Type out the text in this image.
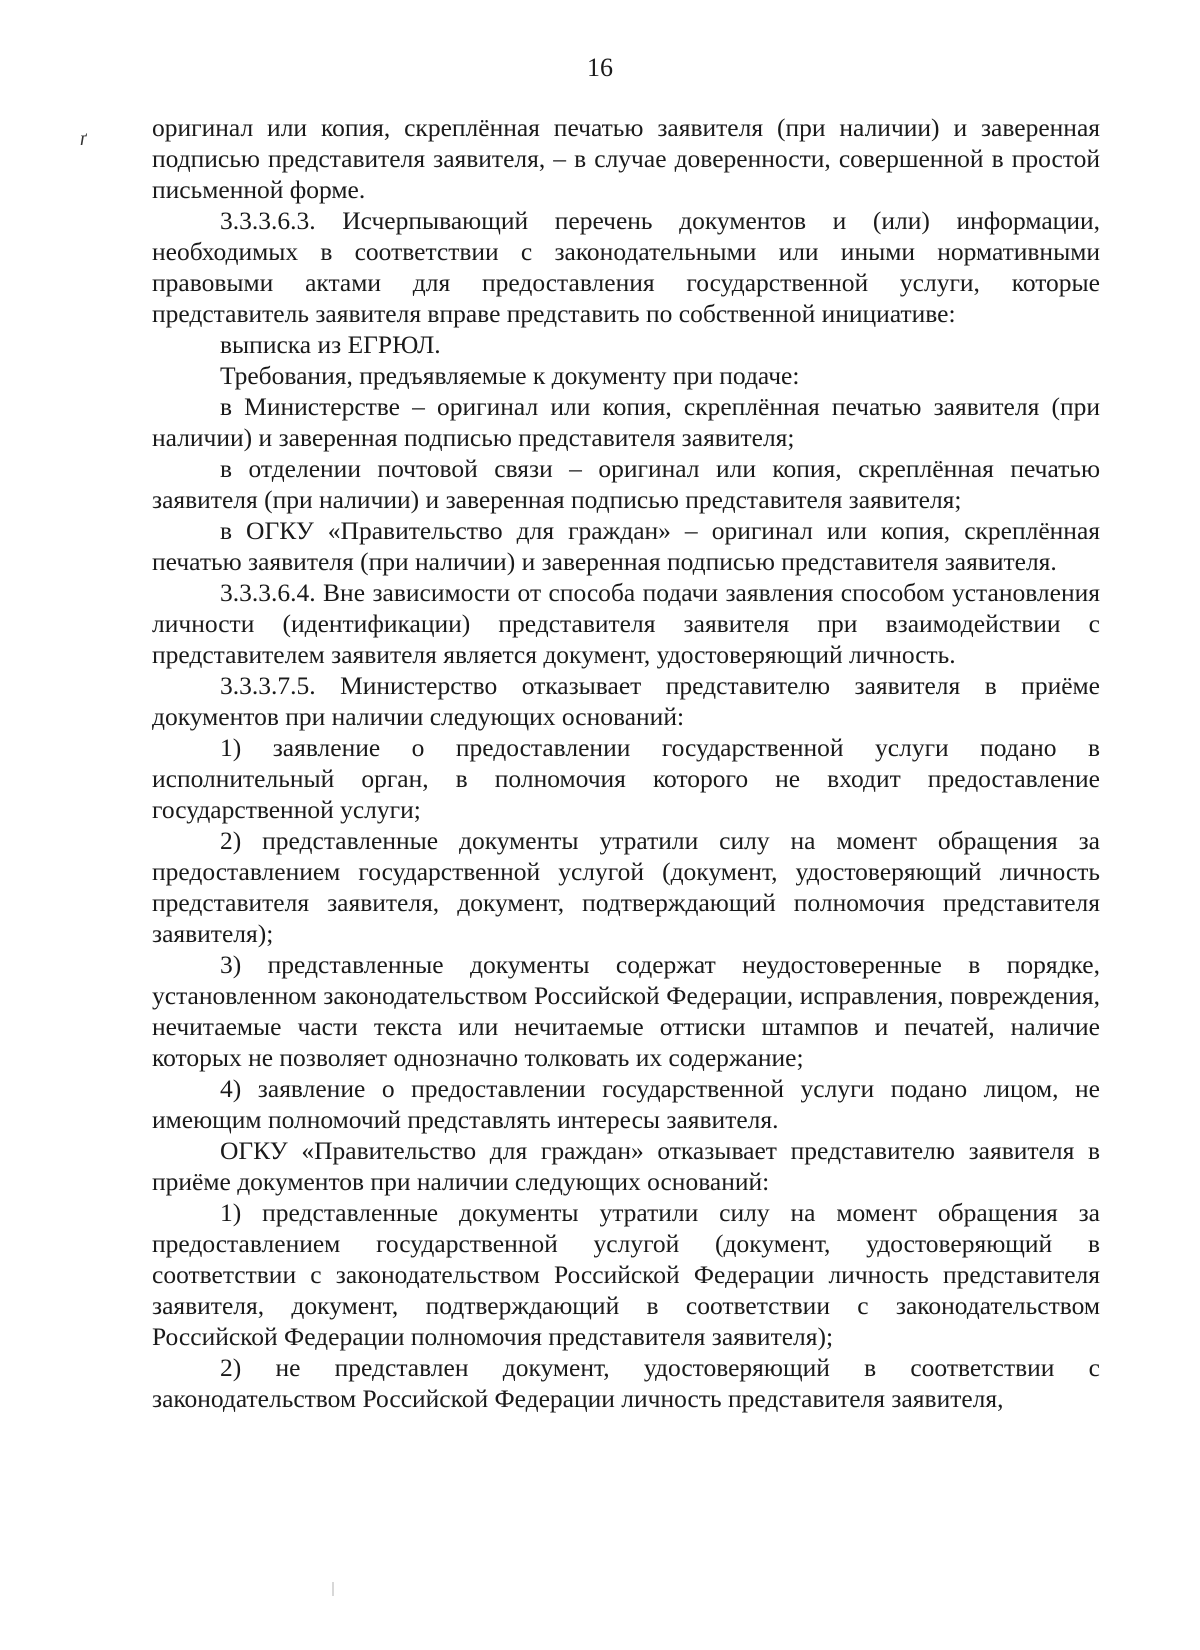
16
ґ	оригинал или копия, скреплённая печатью заявителя (при наличии) и заверенная подписью представителя заявителя, – в случае доверенности, совершенной в простой письменной форме.

3.3.3.6.3. Исчерпывающий перечень документов и (или) информации, необходимых в соответствии с законодательными или иными нормативными правовыми актами для предоставления государственной услуги, которые представитель заявителя вправе представить по собственной инициативе:

выписка из ЕГРЮЛ.

Требования, предъявляемые к документу при подаче:

в Министерстве – оригинал или копия, скреплённая печатью заявителя (при наличии) и заверенная подписью представителя заявителя;

в отделении почтовой связи – оригинал или копия, скреплённая печатью заявителя (при наличии) и заверенная подписью представителя заявителя;

в ОГКУ «Правительство для граждан» – оригинал или копия, скреплённая печатью заявителя (при наличии) и заверенная подписью представителя заявителя.

3.3.3.6.4. Вне зависимости от способа подачи заявления способом установления личности (идентификации) представителя заявителя при взаимодействии с представителем заявителя является документ, удостоверяющий личность.

3.3.3.7.5. Министерство отказывает представителю заявителя в приёме документов при наличии следующих оснований:

1) заявление о предоставлении государственной услуги подано в исполнительный орган, в полномочия которого не входит предоставление государственной услуги;

2) представленные документы утратили силу на момент обращения за предоставлением государственной услугой (документ, удостоверяющий личность представителя заявителя, документ, подтверждающий полномочия представителя заявителя);

3) представленные документы содержат неудостоверенные в порядке, установленном законодательством Российской Федерации, исправления, повреждения, нечитаемые части текста или нечитаемые оттиски штампов и печатей, наличие которых не позволяет однозначно толковать их содержание;

4) заявление о предоставлении государственной услуги подано лицом, не имеющим полномочий представлять интересы заявителя.

ОГКУ «Правительство для граждан» отказывает представителю заявителя в приёме документов при наличии следующих оснований:

1) представленные документы утратили силу на момент обращения за предоставлением государственной услугой (документ, удостоверяющий в соответствии с законодательством Российской Федерации личность представителя заявителя, документ, подтверждающий в соответствии с законодательством Российской Федерации полномочия представителя заявителя);

2) не представлен документ, удостоверяющий в соответствии с законодательством Российской Федерации личность представителя заявителя,
